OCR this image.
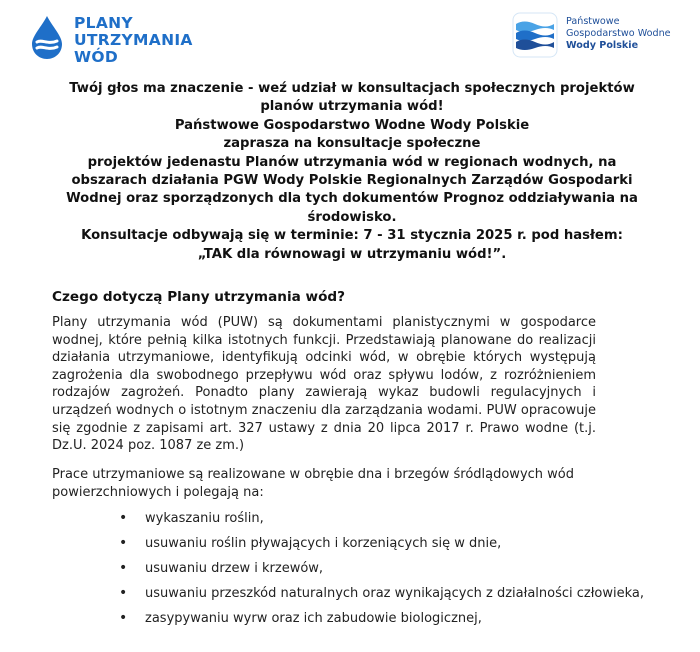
PLANY
UTRZYMANIA
WÓD
Państwowe
Gospodarstwo Wodne
Wody Polskie
Twój głos ma znaczenie - weź udział w konsultacjach społecznych projektów
planów utrzymania wód!
Państwowe Gospodarstwo Wodne Wody Polskie
zaprasza na konsultacje społeczne
projektów jedenastu Planów utrzymania wód w regionach wodnych, na
obszarach działania PGW Wody Polskie Regionalnych Zarządów Gospodarki
Wodnej oraz sporządzonych dla tych dokumentów Prognoz oddziaływania na
środowisko.
Konsultacje odbywają się w terminie: 7 - 31 stycznia 2025 r. pod hasłem:
„TAK dla równowagi w utrzymaniu wód!”.
Czego dotyczą Plany utrzymania wód?
Plany utrzymania wód (PUW) są dokumentami planistycznymi w gospodarce wodnej, które pełnią kilka istotnych funkcji. Przedstawiają planowane do realizacji działania utrzymaniowe, identyfikują odcinki wód, w obrębie których występują zagrożenia dla swobodnego przepływu wód oraz spływu lodów, z rozróżnieniem rodzajów zagrożeń. Ponadto plany zawierają wykaz budowli regulacyjnych i urządzeń wodnych o istotnym znaczeniu dla zarządzania wodami. PUW opracowuje się zgodnie z zapisami art. 327 ustawy z dnia 20 lipca 2017 r. Prawo wodne (t.j. Dz.U. 2024 poz. 1087 ze zm.)
Prace utrzymaniowe są realizowane w obrębie dna i brzegów śródlądowych wód powierzchniowych i polegają na:
• wykaszaniu roślin,
• usuwaniu roślin pływających i korzeniących się w dnie,
• usuwaniu drzew i krzewów,
• usuwaniu przeszkód naturalnych oraz wynikających z działalności człowieka,
• zasypywaniu wyrw oraz ich zabudowie biologicznej,
